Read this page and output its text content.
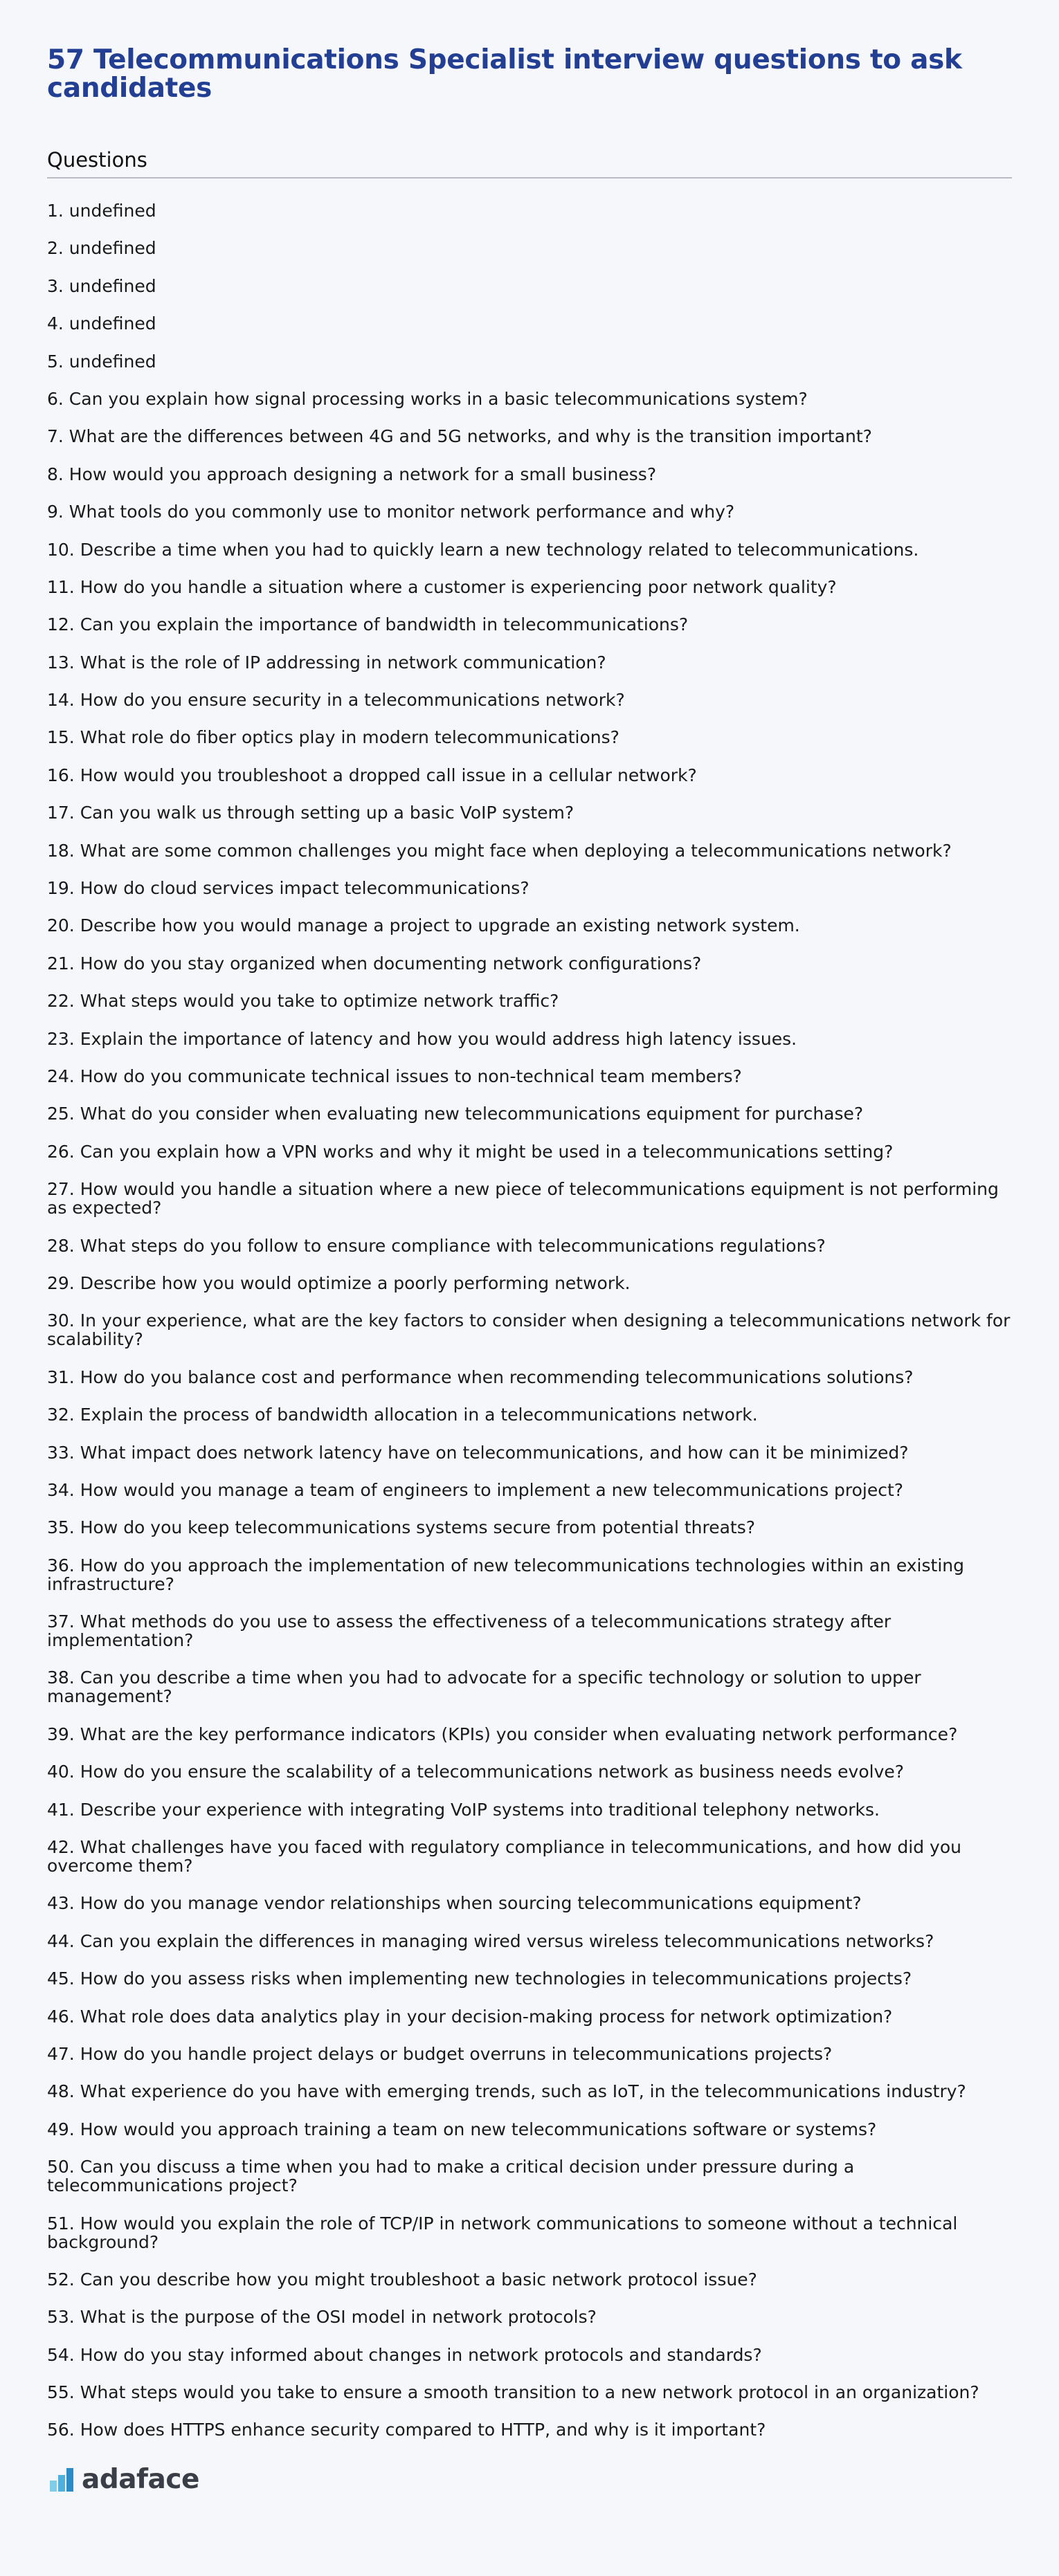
57 Telecommunications Specialist interview questions to ask candidates
Questions
1. undefined
2. undefined
3. undefined
4. undefined
5. undefined
6. Can you explain how signal processing works in a basic telecommunications system?
7. What are the differences between 4G and 5G networks, and why is the transition important?
8. How would you approach designing a network for a small business?
9. What tools do you commonly use to monitor network performance and why?
10. Describe a time when you had to quickly learn a new technology related to telecommunications.
11. How do you handle a situation where a customer is experiencing poor network quality?
12. Can you explain the importance of bandwidth in telecommunications?
13. What is the role of IP addressing in network communication?
14. How do you ensure security in a telecommunications network?
15. What role do fiber optics play in modern telecommunications?
16. How would you troubleshoot a dropped call issue in a cellular network?
17. Can you walk us through setting up a basic VoIP system?
18. What are some common challenges you might face when deploying a telecommunications network?
19. How do cloud services impact telecommunications?
20. Describe how you would manage a project to upgrade an existing network system.
21. How do you stay organized when documenting network configurations?
22. What steps would you take to optimize network traffic?
23. Explain the importance of latency and how you would address high latency issues.
24. How do you communicate technical issues to non-technical team members?
25. What do you consider when evaluating new telecommunications equipment for purchase?
26. Can you explain how a VPN works and why it might be used in a telecommunications setting?
27. How would you handle a situation where a new piece of telecommunications equipment is not performing as expected?
28. What steps do you follow to ensure compliance with telecommunications regulations?
29. Describe how you would optimize a poorly performing network.
30. In your experience, what are the key factors to consider when designing a telecommunications network for scalability?
31. How do you balance cost and performance when recommending telecommunications solutions?
32. Explain the process of bandwidth allocation in a telecommunications network.
33. What impact does network latency have on telecommunications, and how can it be minimized?
34. How would you manage a team of engineers to implement a new telecommunications project?
35. How do you keep telecommunications systems secure from potential threats?
36. How do you approach the implementation of new telecommunications technologies within an existing infrastructure?
37. What methods do you use to assess the effectiveness of a telecommunications strategy after implementation?
38. Can you describe a time when you had to advocate for a specific technology or solution to upper management?
39. What are the key performance indicators (KPIs) you consider when evaluating network performance?
40. How do you ensure the scalability of a telecommunications network as business needs evolve?
41. Describe your experience with integrating VoIP systems into traditional telephony networks.
42. What challenges have you faced with regulatory compliance in telecommunications, and how did you overcome them?
43. How do you manage vendor relationships when sourcing telecommunications equipment?
44. Can you explain the differences in managing wired versus wireless telecommunications networks?
45. How do you assess risks when implementing new technologies in telecommunications projects?
46. What role does data analytics play in your decision-making process for network optimization?
47. How do you handle project delays or budget overruns in telecommunications projects?
48. What experience do you have with emerging trends, such as IoT, in the telecommunications industry?
49. How would you approach training a team on new telecommunications software or systems?
50. Can you discuss a time when you had to make a critical decision under pressure during a telecommunications project?
51. How would you explain the role of TCP/IP in network communications to someone without a technical background?
52. Can you describe how you might troubleshoot a basic network protocol issue?
53. What is the purpose of the OSI model in network protocols?
54. How do you stay informed about changes in network protocols and standards?
55. What steps would you take to ensure a smooth transition to a new network protocol in an organization?
56. How does HTTPS enhance security compared to HTTP, and why is it important?
adaface
